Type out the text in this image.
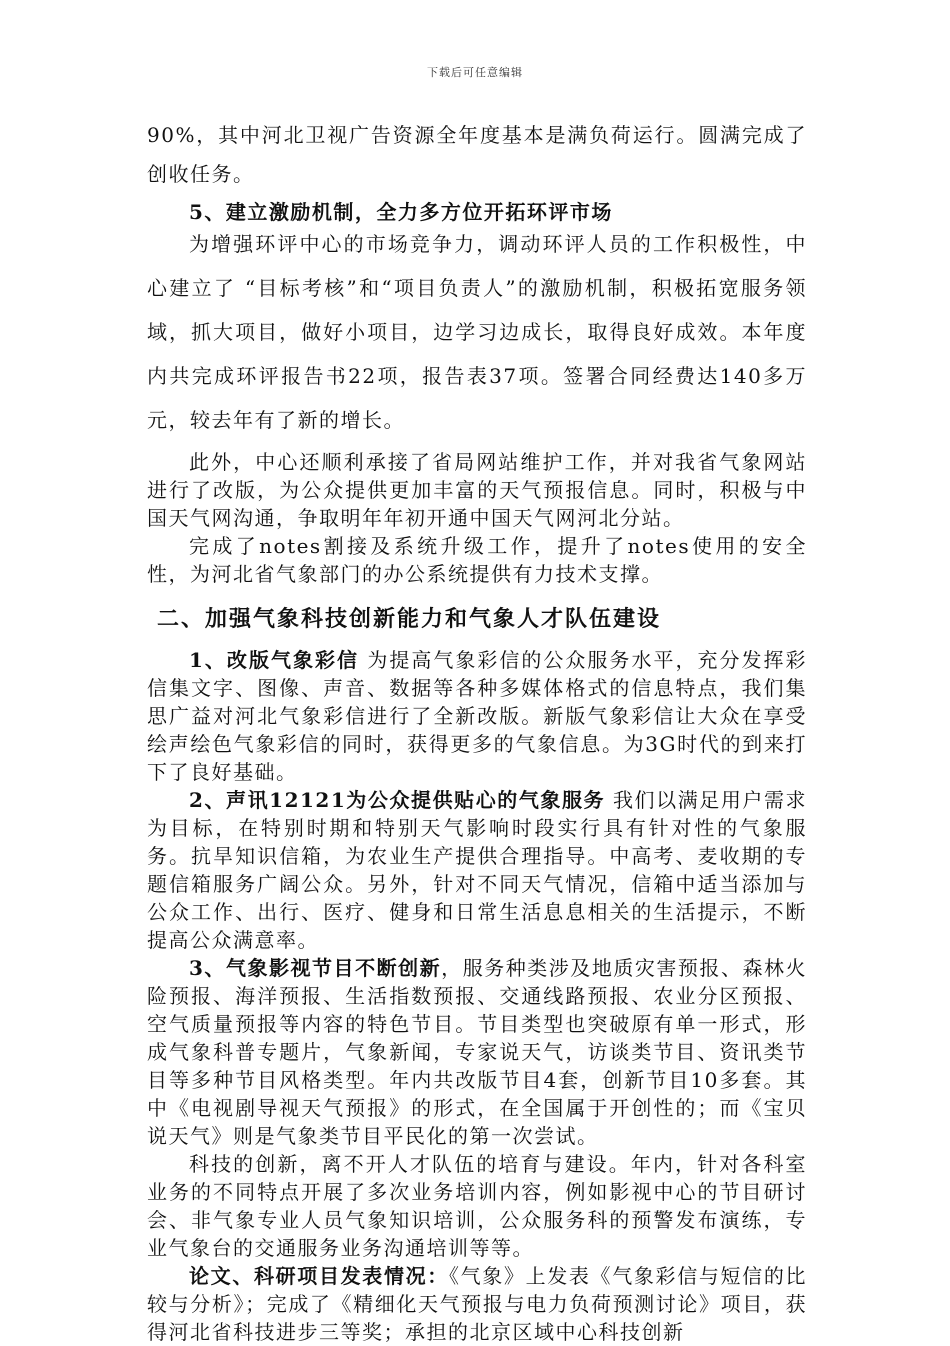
下载后可任意编辑

90%，其中河北卫视广告资源全年度基本是满负荷运行。圆满完成了创收任务。

5、建立激励机制，全力多方位开拓环评市场

为增强环评中心的市场竞争力，调动环评人员的工作积极性，中心建立了 “目标考核”和“项目负责人”的激励机制，积极拓宽服务领域，抓大项目，做好小项目，边学习边成长，取得良好成效。本年度内共完成环评报告书22项，报告表37项。签署合同经费达140多万元，较去年有了新的增长。

此外，中心还顺利承接了省局网站维护工作，并对我省气象网站进行了改版，为公众提供更加丰富的天气预报信息。同时，积极与中国天气网沟通，争取明年年初开通中国天气网河北分站。

完成了notes割接及系统升级工作，提升了notes使用的安全性，为河北省气象部门的办公系统提供有力技术支撑。

二、加强气象科技创新能力和气象人才队伍建设

1、改版气象彩信 为提高气象彩信的公众服务水平，充分发挥彩信集文字、图像、声音、数据等各种多媒体格式的信息特点，我们集思广益对河北气象彩信进行了全新改版。新版气象彩信让大众在享受绘声绘色气象彩信的同时，获得更多的气象信息。为3G时代的到来打下了良好基础。

2、声讯12121为公众提供贴心的气象服务 我们以满足用户需求为目标，在特别时期和特别天气影响时段实行具有针对性的气象服务。抗旱知识信箱，为农业生产提供合理指导。中高考、麦收期的专题信箱服务广阔公众。另外，针对不同天气情况，信箱中适当添加与公众工作、出行、医疗、健身和日常生活息息相关的生活提示，不断提高公众满意率。

3、气象影视节目不断创新，服务种类涉及地质灾害预报、森林火险预报、海洋预报、生活指数预报、交通线路预报、农业分区预报、空气质量预报等内容的特色节目。节目类型也突破原有单一形式，形成气象科普专题片，气象新闻，专家说天气，访谈类节目、资讯类节目等多种节目风格类型。年内共改版节目4套，创新节目10多套。其中《电视剧导视天气预报》的形式，在全国属于开创性的；而《宝贝说天气》则是气象类节目平民化的第一次尝试。

科技的创新，离不开人才队伍的培育与建设。年内，针对各科室业务的不同特点开展了多次业务培训内容，例如影视中心的节目研讨会、非气象专业人员气象知识培训，公众服务科的预警发布演练，专业气象台的交通服务业务沟通培训等等。

论文、科研项目发表情况：《气象》上发表《气象彩信与短信的比较与分析》；完成了《精细化天气预报与电力负荷预测讨论》项目，获得河北省科技进步三等奖；承担的北京区域中心科技创新
